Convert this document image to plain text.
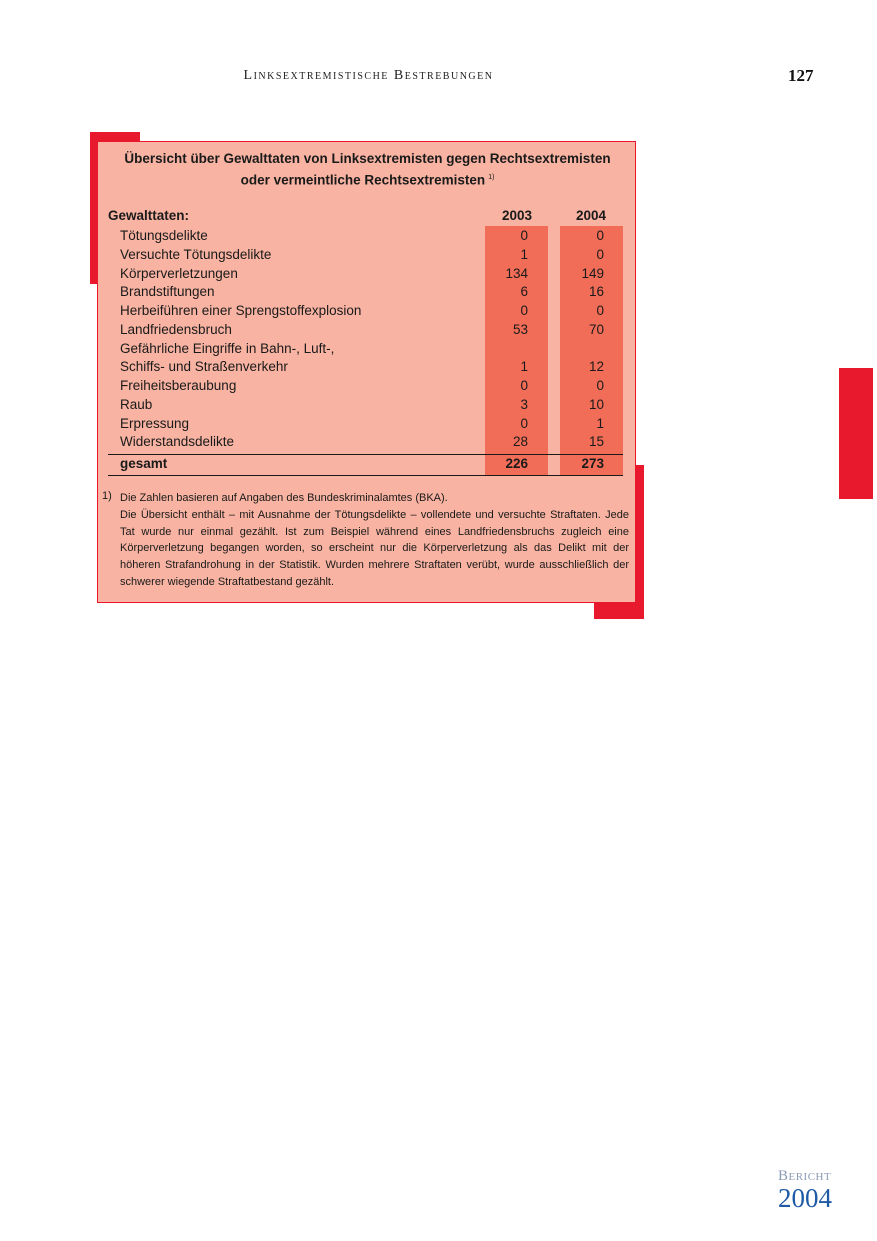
Linksextremistische Bestrebungen	127
Übersicht über Gewalttaten von Linksextremisten gegen Rechtsextremisten
oder vermeintliche Rechtsextremisten $^{1)}$
Gewalttaten:	2003	2004
Tötungsdelikte	0	0
Versuchte Tötungsdelikte	1	0
Körperverletzungen	134	149
Brandstiftungen	6	16
Herbeiführen einer Sprengstoffexplosion	0	0
Landfriedensbruch	53	70
Gefährliche Eingriffe in Bahn-, Luft-,
Schiffs- und Straßenverkehr	1	12
Freiheitsberaubung	0	0
Raub	3	10
Erpressung	0	1
Widerstandsdelikte	28	15
gesamt	226	273
1) Die Zahlen basieren auf Angaben des Bundeskriminalamtes (BKA).

Die Übersicht enthält – mit Ausnahme der Tötungsdelikte – vollendete und versuchte Straftaten. Jede Tat wurde nur einmal gezählt. Ist zum Beispiel während eines Landfriedensbruchs zugleich eine Körperverletzung begangen worden, so erscheint nur die Körperverletzung als das Delikt mit der höheren Strafandrohung in der Statistik. Wurden mehrere Straftaten verübt, wurde ausschließlich der schwerer wiegende Straftatbestand gezählt.

Bericht
2004
